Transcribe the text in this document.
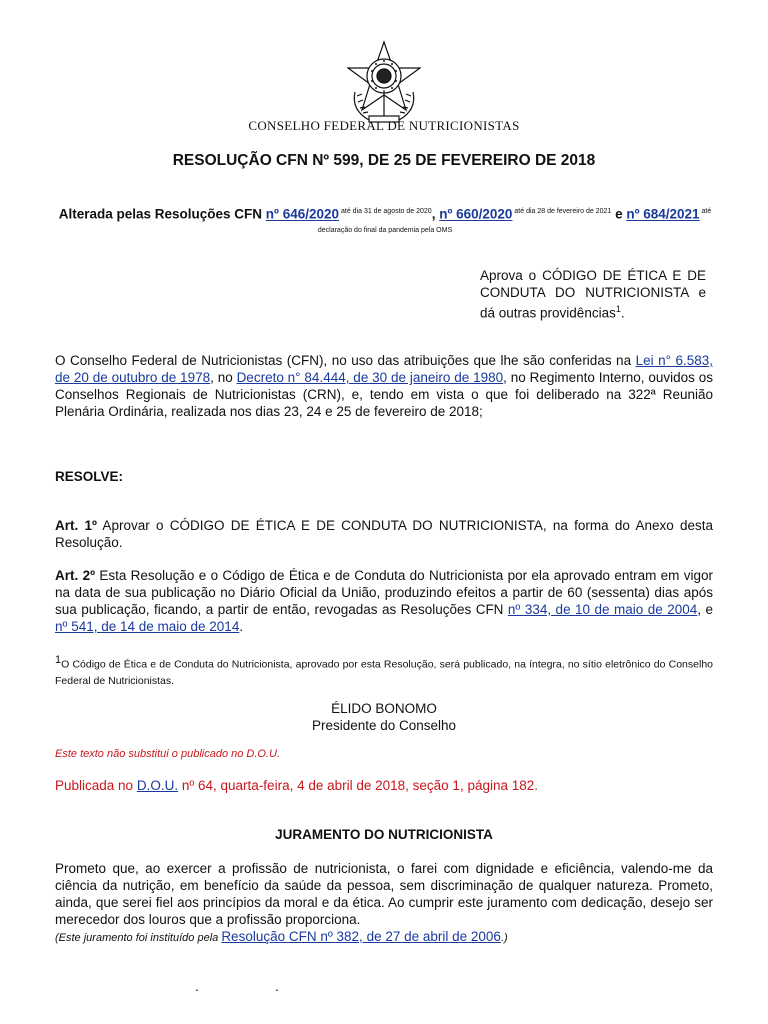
CONSELHO FEDERAL DE NUTRICIONISTAS
RESOLUÇÃO CFN Nº 599, DE 25 DE FEVEREIRO DE 2018
Alterada pelas Resoluções CFN nº 646/2020 $^{até dia 31 de agosto de 2020}$, nº 660/2020 $^{até dia 28 de fevereiro de 2021}$ e nº 684/2021 $^{até declaração do final da pandemia pela OMS}$
Aprova o CÓDIGO DE ÉTICA E DE CONDUTA DO NUTRICIONISTA e dá outras providências$^1$.
O Conselho Federal de Nutricionistas (CFN), no uso das atribuições que lhe são conferidas na Lei n° 6.583, de 20 de outubro de 1978, no Decreto n° 84.444, de 30 de janeiro de 1980, no Regimento Interno, ouvidos os Conselhos Regionais de Nutricionistas (CRN), e, tendo em vista o que foi deliberado na 322ª Reunião Plenária Ordinária, realizada nos dias 23, 24 e 25 de fevereiro de 2018;
RESOLVE:
Art. 1º Aprovar o CÓDIGO DE ÉTICA E DE CONDUTA DO NUTRICIONISTA, na forma do Anexo desta Resolução.
Art. 2º Esta Resolução e o Código de Ética e de Conduta do Nutricionista por ela aprovado entram em vigor na data de sua publicação no Diário Oficial da União, produzindo efeitos a partir de 60 (sessenta) dias após sua publicação, ficando, a partir de então, revogadas as Resoluções CFN nº 334, de 10 de maio de 2004, e nº 541, de 14 de maio de 2014.
1O Código de Ética e de Conduta do Nutricionista, aprovado por esta Resolução, será publicado, na íntegra, no sítio eletrônico do Conselho Federal de Nutricionistas.
ÉLIDO BONOMO
Presidente do Conselho
Este texto não substitui o publicado no D.O.U.
Publicada no D.O.U. nº 64, quarta-feira, 4 de abril de 2018, seção 1, página 182.
JURAMENTO DO NUTRICIONISTA
Prometo que, ao exercer a profissão de nutricionista, o farei com dignidade e eficiência, valendo-me da ciência da nutrição, em benefício da saúde da pessoa, sem discriminação de qualquer natureza. Prometo, ainda, que serei fiel aos princípios da moral e da ética. Ao cumprir este juramento com dedicação, desejo ser merecedor dos louros que a profissão proporciona.
(Este juramento foi instituído pela Resolução CFN nº 382, de 27 de abril de 2006.)
.	.
